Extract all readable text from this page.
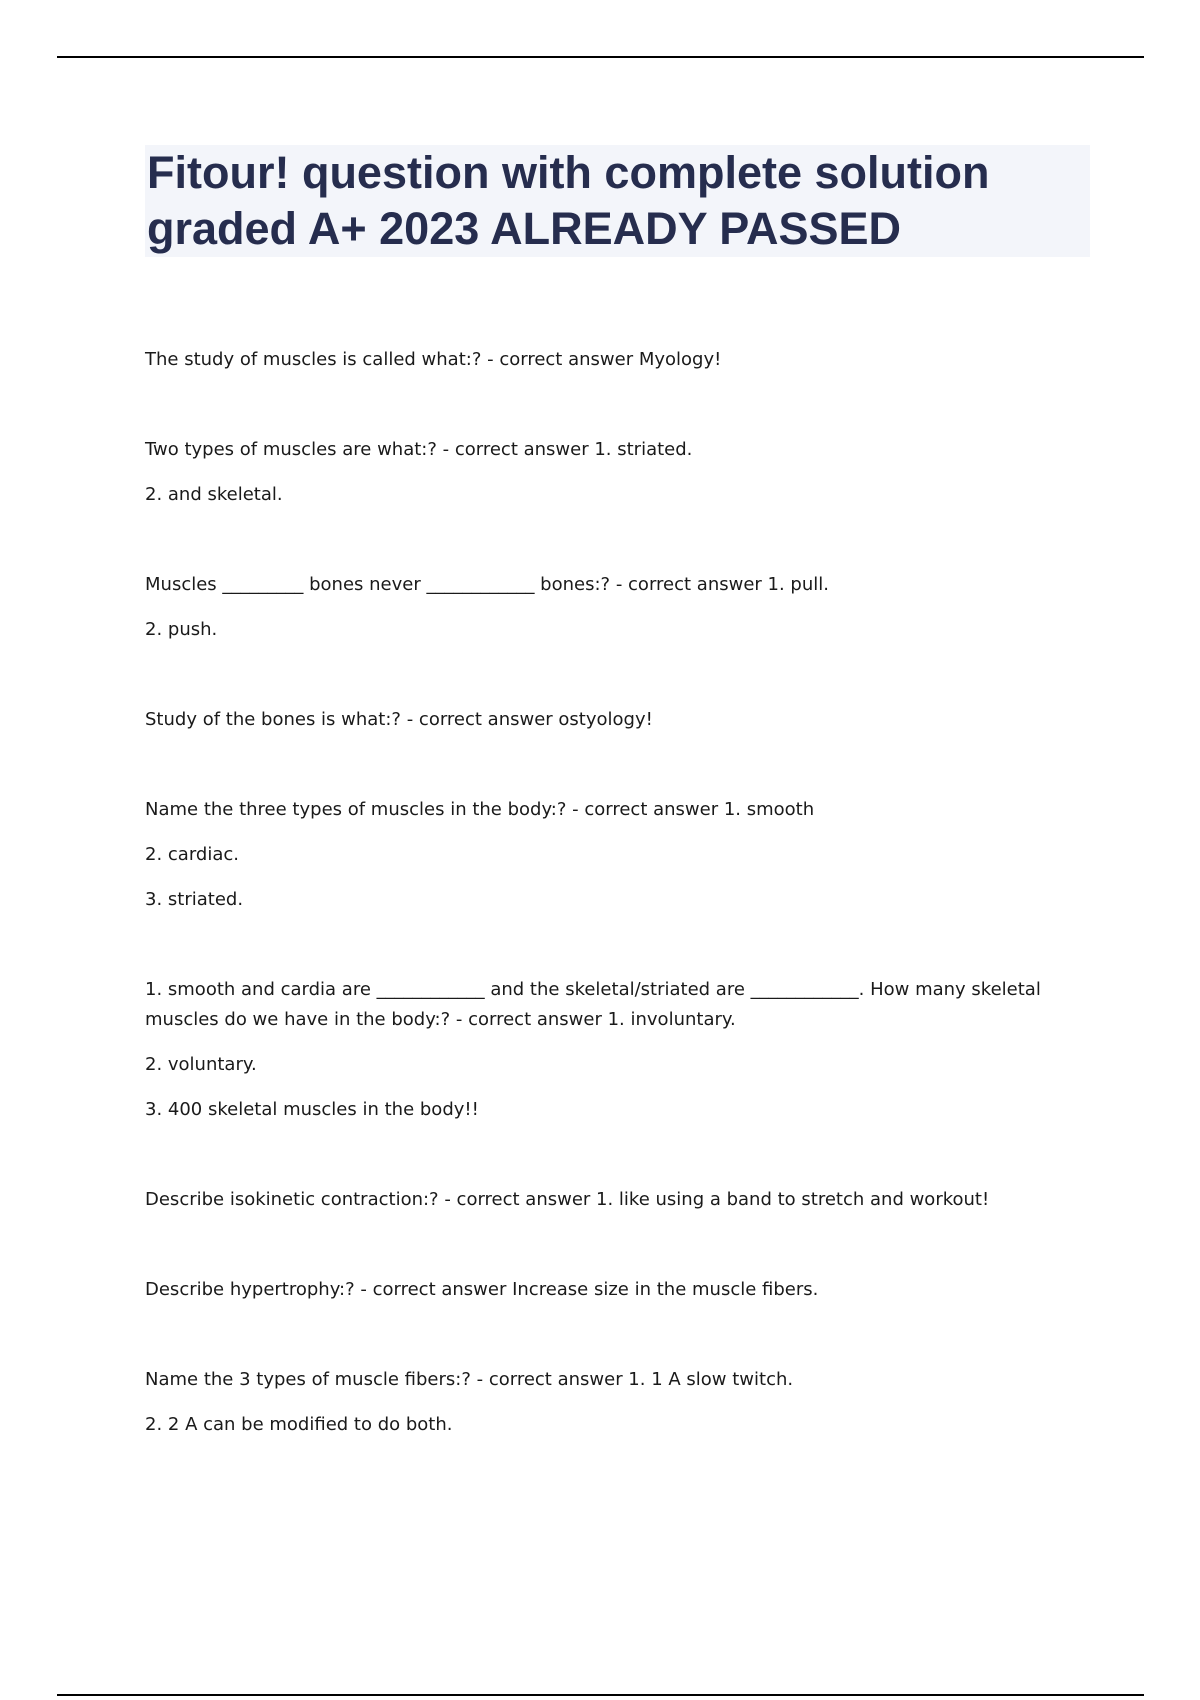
Fitour! question with complete solution
graded A+ 2023 ALREADY PASSED

The study of muscles is called what:? - correct answer Myology!

Two types of muscles are what:? - correct answer 1. striated.

2. and skeletal.

Muscles _________ bones never ____________ bones:? - correct answer 1. pull.

2. push.

Study of the bones is what:? - correct answer ostyology!

Name the three types of muscles in the body:? - correct answer 1. smooth

2. cardiac.

3. striated.

1. smooth and cardia are ____________ and the skeletal/striated are ____________. How many skeletal muscles do we have in the body:? - correct answer 1. involuntary.

2. voluntary.

3. 400 skeletal muscles in the body!!

Describe isokinetic contraction:? - correct answer 1. like using a band to stretch and workout!

Describe hypertrophy:? - correct answer Increase size in the muscle fibers.

Name the 3 types of muscle fibers:? - correct answer 1. 1 A slow twitch.

2. 2 A can be modified to do both.
